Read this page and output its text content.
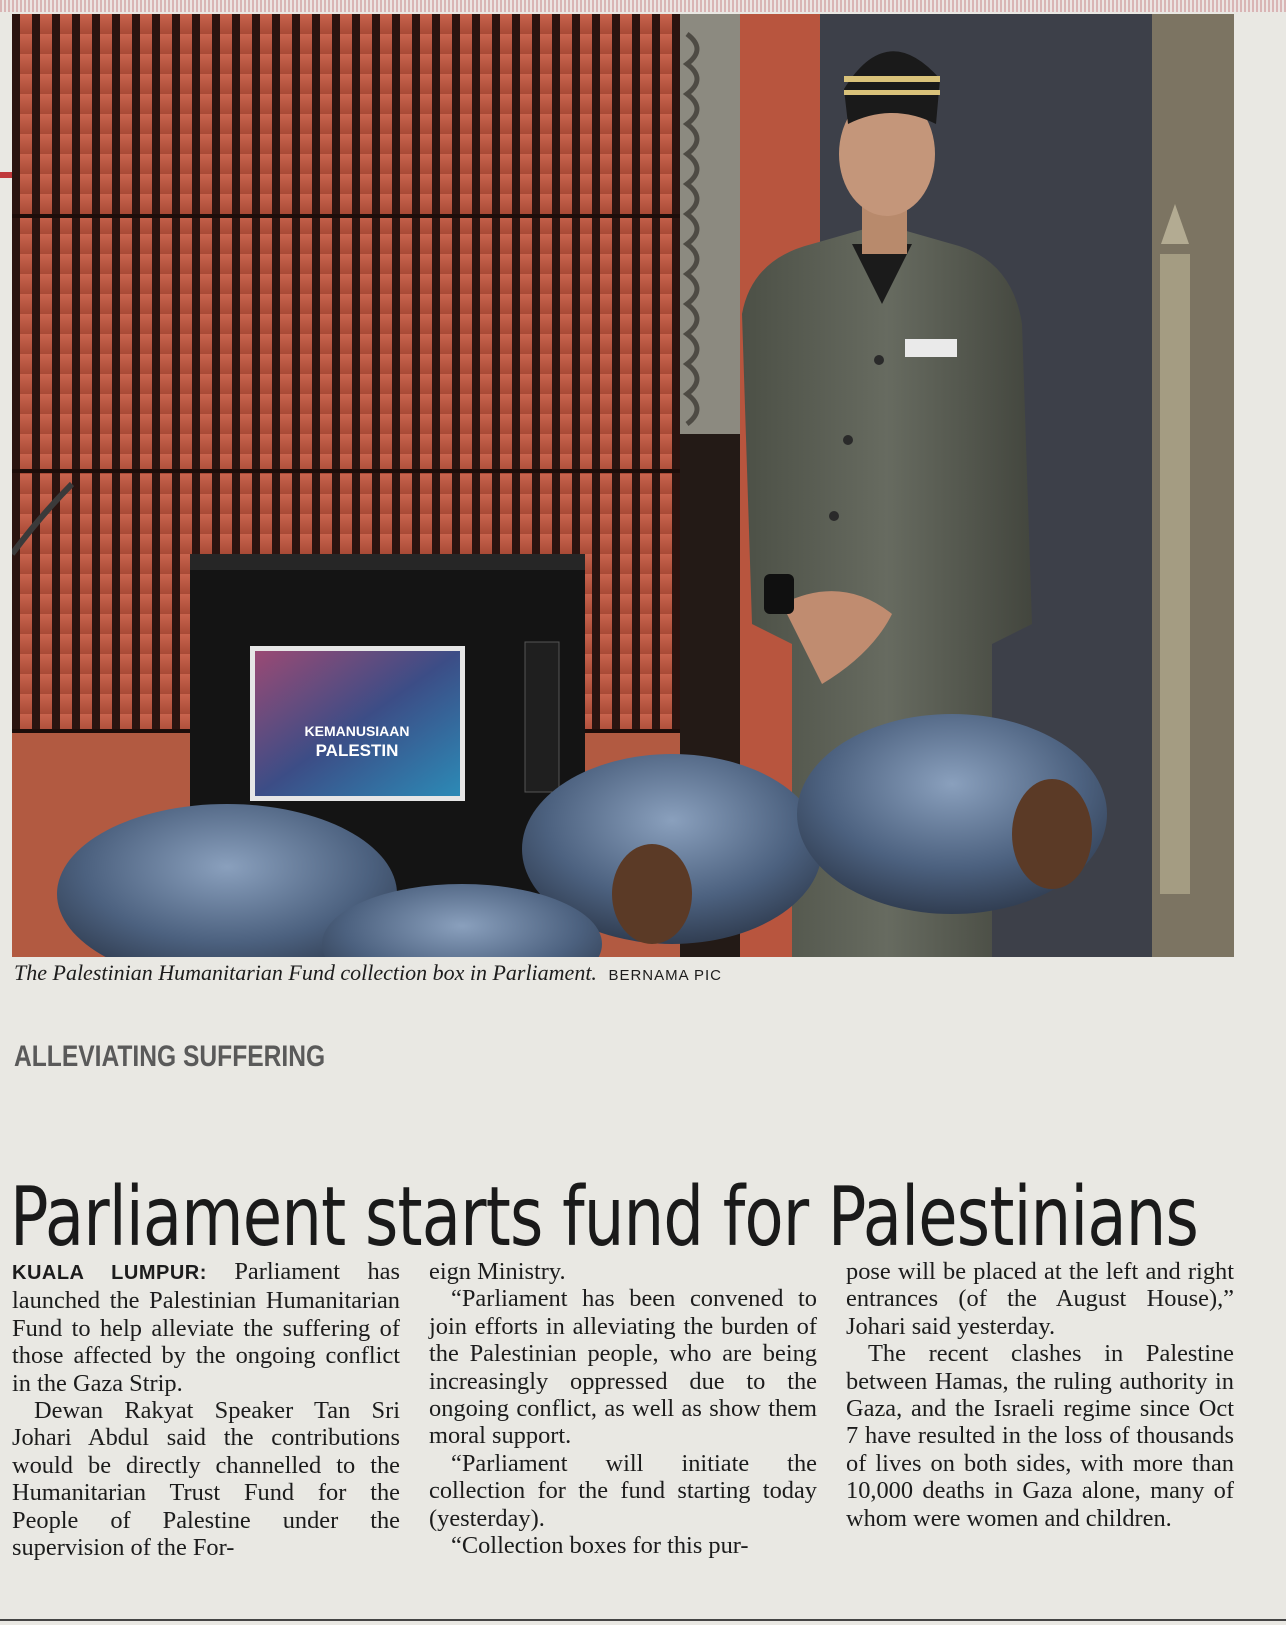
KEMANUSIAAN
PALESTIN
The Palestinian Humanitarian Fund collection box in Parliament. BERNAMA PIC
ALLEVIATING SUFFERING
Parliament starts fund for Palestinians

KUALA LUMPUR: Parliament has launched the Palestinian Humanitarian Fund to help alleviate the suffering of those affected by the ongoing conflict in the Gaza Strip.

Dewan Rakyat Speaker Tan Sri Johari Abdul said the contributions would be directly channelled to the Humanitarian Trust Fund for the People of Palestine under the supervision of the For-

eign Ministry.

“Parliament has been convened to join efforts in alleviating the burden of the Palestinian people, who are being increasingly oppressed due to the ongoing conflict, as well as show them moral support.

“Parliament will initiate the collection for the fund starting today (yesterday).

“Collection boxes for this pur-

pose will be placed at the left and right entrances (of the August House),” Johari said yesterday.

The recent clashes in Palestine between Hamas, the ruling authority in Gaza, and the Israeli regime since Oct 7 have resulted in the loss of thousands of lives on both sides, with more than 10,000 deaths in Gaza alone, many of whom were women and children.
